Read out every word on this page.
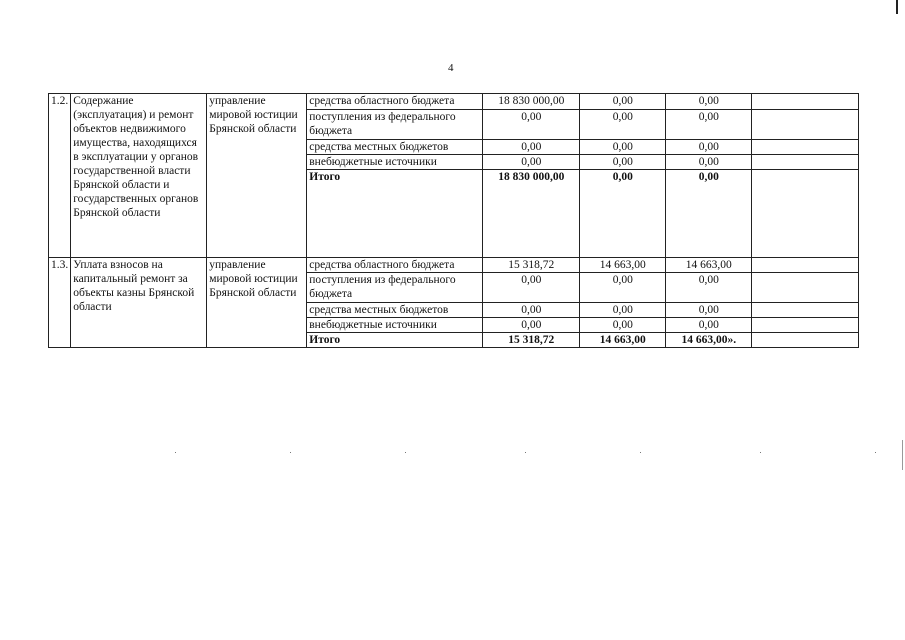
4
1.2.	Содержание (эксплуатация) и ремонт объектов недвижимого имущества, находящихся в эксплуатации у органов государственной власти Брянской области и государственных органов Брянской области	управление мировой юстиции Брянской области	средства областного бюджета	18 830 000,00	0,00	0,00	
			поступления из федерального бюджета	0,00	0,00	0,00	
			средства местных бюджетов	0,00	0,00	0,00	
			внебюджетные источники	0,00	0,00	0,00	
			Итого	18 830 000,00	0,00	0,00	
1.3.	Уплата взносов на капитальный ремонт за объекты казны Брянской области	управление мировой юстиции Брянской области	средства областного бюджета	15 318,72	14 663,00	14 663,00	
			поступления из федерального бюджета	0,00	0,00	0,00	
			средства местных бюджетов	0,00	0,00	0,00	
			внебюджетные источники	0,00	0,00	0,00	
			Итого	15 318,72	14 663,00	14 663,00».	
